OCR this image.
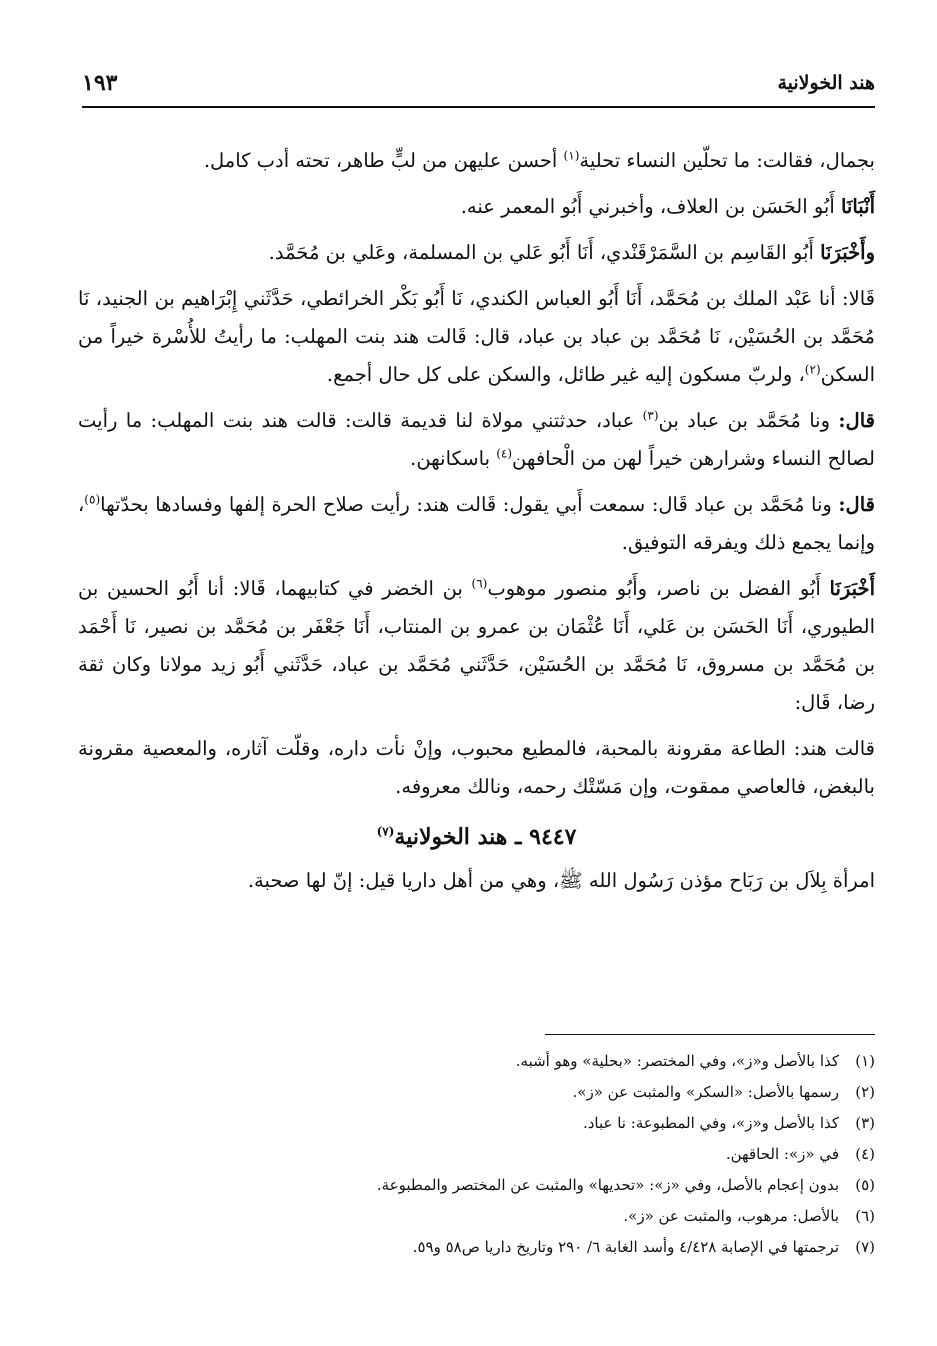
هند الخولانية
١٩٣

بجمال، فقالت: ما تحلّين النساء تحلية$^{(١)}$ أحسن عليهن من لبٍّ طاهر، تحته أدب كامل.

أَنْبَانَا أَبُو الحَسَن بن العلاف، وأخبرني أَبُو المعمر عنه.

وأَخْبَرَنَا أَبُو القَاسِم بن السَّمَرْقَنْدي، أَنَا أَبُو عَلي بن المسلمة، وعَلي بن مُحَمَّد.

قَالا: أنا عَبْد الملك بن مُحَمَّد، أَنَا أَبُو العباس الكندي، نَا أَبُو بَكْر الخرائطي، حَدَّثَني إِبْرَاهيم بن الجنيد، نَا مُحَمَّد بن الحُسَيْن، نَا مُحَمَّد بن عباد بن عباد، قال: قَالت هند بنت المهلب: ما رأيتُ للأُسْرة خيراً من السكن$^{(٢)}$، ولربّ مسكون إليه غير طائل، والسكن على كل حال أجمع.

قال: ونا مُحَمَّد بن عباد بن$^{(٣)}$ عباد، حدثتني مولاة لنا قديمة قالت: قالت هند بنت المهلب: ما رأيت لصالح النساء وشرارهن خيراً لهن من الْحافهن$^{(٤)}$ باسكانهن.

قال: ونا مُحَمَّد بن عباد قَال: سمعت أَبي يقول: قَالت هند: رأيت صلاح الحرة إلفها وفسادها بحدّتها$^{(٥)}$، وإنما يجمع ذلك ويفرقه التوفيق.

أَخْبَرَنَا أَبُو الفضل بن ناصر، وأَبُو منصور موهوب$^{(٦)}$ بن الخضر في كتابيهما، قَالا: أنا أَبُو الحسين بن الطيوري، أَنَا الحَسَن بن عَلي، أَنَا عُثْمَان بن عمرو بن المنتاب، أَنَا جَعْفَر بن مُحَمَّد بن نصير، نَا أَحْمَد بن مُحَمَّد بن مسروق، نَا مُحَمَّد بن الحُسَيْن، حَدَّثَني مُحَمَّد بن عباد، حَدَّثَني أَبُو زيد مولانا وكان ثقة رضا، قَال:

قالت هند: الطاعة مقرونة بالمحبة، فالمطيع محبوب، وإنْ نأت داره، وقلّت آثاره، والمعصية مقرونة بالبغض، فالعاصي ممقوت، وإن مَسّتْك رحمه، ونالك معروفه.

٩٤٤٧ ـ هند الخولانية$^{(٧)}$

امرأة بِلاَل بن رَبَاح مؤذن رَسُول الله ﷺ، وهي من أهل داريا قيل: إنّ لها صحبة.

(١)
كذا بالأصل و«ز»، وفي المختصر: «بحلية» وهو أشبه.
(٢)
رسمها بالأصل: «السكر» والمثبت عن «ز».
(٣)
كذا بالأصل و«ز»، وفي المطبوعة: نا عباد.
(٤)
في «ز»: الحاقهن.
(٥)
بدون إعجام بالأصل، وفي «ز»: «تحديها» والمثبت عن المختصر والمطبوعة.
(٦)
بالأصل: مرهوب، والمثبت عن «ز».
(٧)
ترجمتها في الإصابة ٤/٤٢٨ وأسد الغابة ٦/ ٢٩٠ وتاريخ داريا ص٥٨ و٥٩.
